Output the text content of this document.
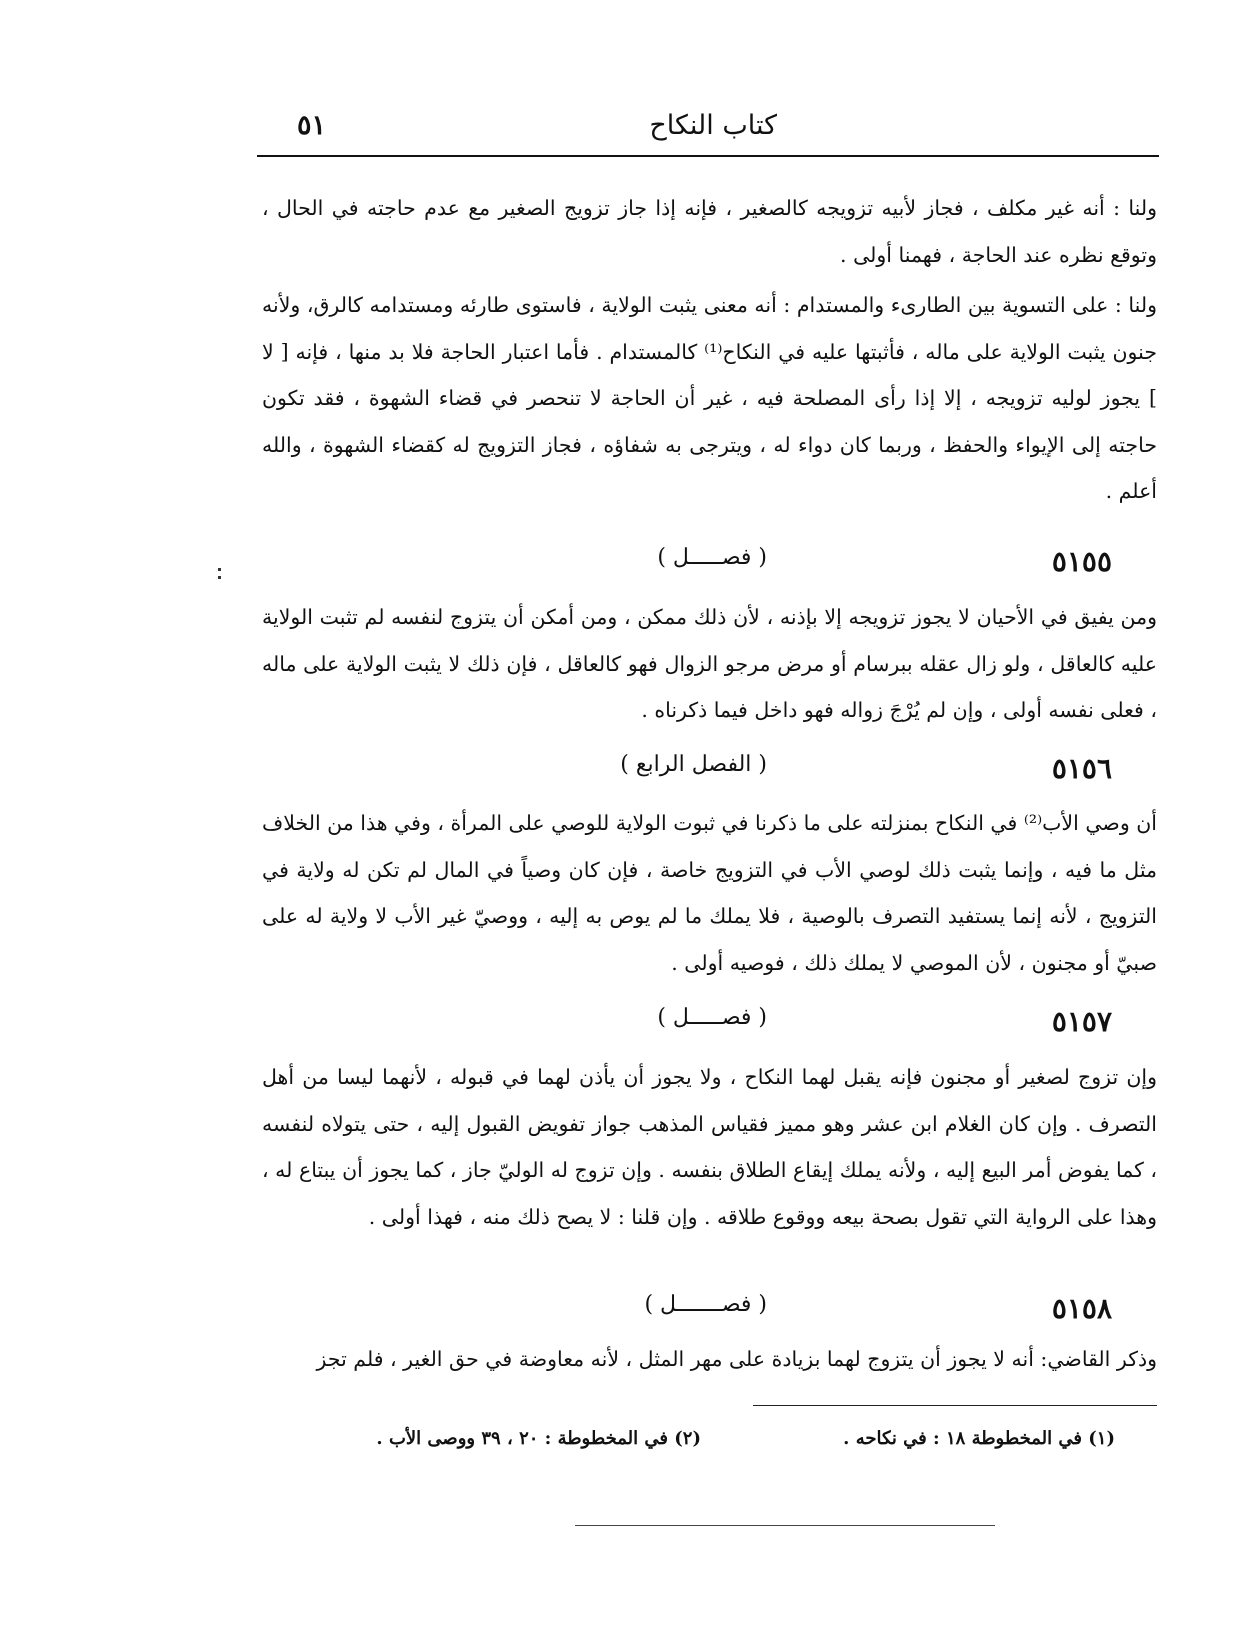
كتاب النكاح
٥١

ولنا : أنه غير مكلف ، فجاز لأبيه تزويجه كالصغير ، فإنه إذا جاز تزويج الصغير مع عدم حاجته في الحال ، وتوقع نظره عند الحاجة ، فهمنا أولى .

ولنا : على التسوية بين الطارىء والمستدام : أنه معنى يثبت الولاية ، فاستوى طارئه ومستدامه كالرق، ولأنه جنون يثبت الولاية على ماله ، فأثبتها عليه في النكاح⁽¹⁾ كالمستدام . فأما اعتبار الحاجة فلا بد منها ، فإنه [ لا ] يجوز لوليه تزويجه ، إلا إذا رأى المصلحة فيه ، غير أن الحاجة لا تنحصر في قضاء الشهوة ، فقد تكون حاجته إلى الإيواء والحفظ ، وربما كان دواء له ، ويترجى به شفاؤه ، فجاز التزويج له كقضاء الشهوة ، والله أعلم .

٥١٥٥
( فصـــــل )

ومن يفيق في الأحيان لا يجوز تزويجه إلا بإذنه ، لأن ذلك ممكن ، ومن أمكن أن يتزوج لنفسه لم تثبت الولاية عليه كالعاقل ، ولو زال عقله ببرسام أو مرض مرجو الزوال فهو كالعاقل ، فإن ذلك لا يثبت الولاية على ماله ، فعلى نفسه أولى ، وإن لم يُرْجَ زواله فهو داخل فيما ذكرناه .

٥١٥٦
( الفصل الرابع )

أن وصي الأب⁽²⁾ في النكاح بمنزلته على ما ذكرنا في ثبوت الولاية للوصي على المرأة ، وفي هذا من الخلاف مثل ما فيه ، وإنما يثبت ذلك لوصي الأب في التزويج خاصة ، فإن كان وصياً في المال لم تكن له ولاية في التزويج ، لأنه إنما يستفيد التصرف بالوصية ، فلا يملك ما لم يوص به إليه ، ووصيّ غير الأب لا ولاية له على صبيّ أو مجنون ، لأن الموصي لا يملك ذلك ، فوصيه أولى .

٥١٥٧
( فصـــــل )

وإن تزوج لصغير أو مجنون فإنه يقبل لهما النكاح ، ولا يجوز أن يأذن لهما في قبوله ، لأنهما ليسا من أهل التصرف . وإن كان الغلام ابن عشر وهو مميز فقياس المذهب جواز تفويض القبول إليه ، حتى يتولاه لنفسه ، كما يفوض أمر البيع إليه ، ولأنه يملك إيقاع الطلاق بنفسه . وإن تزوج له الوليّ جاز ، كما يجوز أن يبتاع له ، وهذا على الرواية التي تقول بصحة بيعه ووقوع طلاقه . وإن قلنا : لا يصح ذلك منه ، فهذا أولى .

٥١٥٨
( فصـــــــل )

وذكر القاضي: أنه لا يجوز أن يتزوج لهما بزيادة على مهر المثل ، لأنه معاوضة في حق الغير ، فلم تجز

(١) في المخطوطة ١٨ : في نكاحه .
(٢) في المخطوطة : ٢٠ ، ٣٩ ووصى الأب .
